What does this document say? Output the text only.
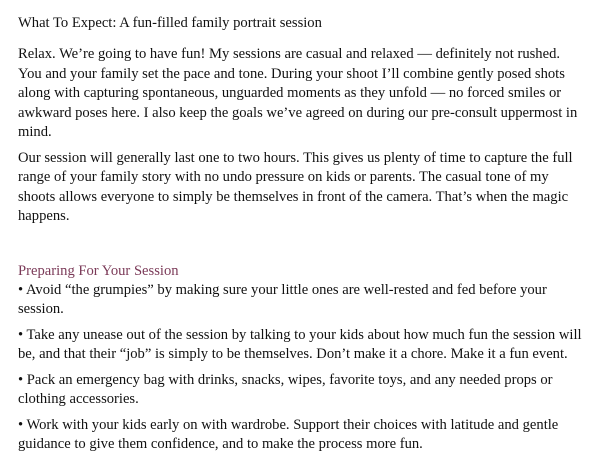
What To Expect: A fun-filled family portrait session

Relax. We’re going to have fun! My sessions are casual and relaxed — definitely not rushed. You and your family set the pace and tone. During your shoot I’ll combine gently posed shots along with capturing spontaneous, unguarded moments as they unfold — no forced smiles or awkward poses here. I also keep the goals we’ve agreed on during our pre-consult uppermost in mind.

Our session will generally last one to two hours. This gives us plenty of time to capture the full range of your family story with no undo pressure on kids or parents. The casual tone of my shoots allows everyone to simply be themselves in front of the camera. That’s when the magic happens.

Preparing For Your Session
• Avoid “the grumpies” by making sure your little ones are well-rested and fed before your session.
• Take any unease out of the session by talking to your kids about how much fun the session will be, and that their “job” is simply to be themselves. Don’t make it a chore. Make it a fun event.
• Pack an emergency bag with drinks, snacks, wipes, favorite toys, and any needed props or clothing accessories.
• Work with your kids early on with wardrobe. Support their choices with latitude and gentle guidance to give them confidence, and to make the process more fun.
